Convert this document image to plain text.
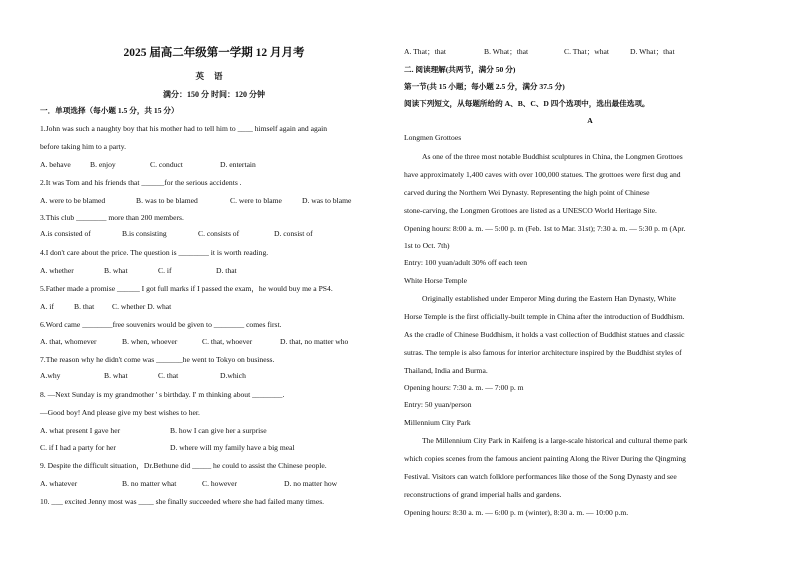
2025 届高二年级第一学期 12 月月考
英语
满分：150 分 时间：120 分钟
一．单项选择（每小题 1.5 分，共 15 分）
1.John was such a naughty boy that his mother had to tell him to ____ himself again and again
before taking him to a party.
A. behave	B. enjoy	C. conduct	D. entertain
2.It was Tom and his friends that ______for the serious accidents .
A. were to be blamed	B. was to be blamed	C. were to blame	D. was to blame
3.This club ________ more than 200 members.
A.is consisted of	B.is consisting	C. consists of	D. consist of
4.I don't care about the price. The question is ________ it is worth reading.
A. whether	B. what	C. if	D. that
5.Father made a promise ______ I got full marks if I passed the exam，he would buy me a PS4.
A. if	B. that C. whether D. what
6.Word came ________free souvenirs would be given to ________ comes first.
A. that, whomever	B. when, whoever	C. that, whoever	D. that, no matter who
7.The reason why he didn't come was _______he went to Tokyo on business.
A.why	B. what	C. that	D.which
8. —Next Sunday is my grandmother ' s birthday. I' m thinking about ________.
—Good boy! And please give my best wishes to her.
A. what present I gave her	B. how I can give her a surprise
C. if I had a party for her	D. where will my family have a big meal
9. Despite the difficult situation，Dr.Bethune did _____ he could to assist the Chinese people.
A. whatever	B. no matter what	C. however	D. no matter how
10. ___ excited Jenny most was ____ she finally succeeded where she had failed many times.
A. That；that	B. What；that	C. That；what	D. What；that
二. 阅读理解(共两节，满分 50 分)
第一节(共 15 小题；每小题 2.5 分，满分 37.5 分)
阅读下列短文，从每题所给的 A、B、C、D 四个选项中，选出最佳选项。
A
Longmen Grottoes
As one of the three most notable Buddhist sculptures in China, the Longmen Grottoes
have approximately 1,400 caves with over 100,000 statues. The grottoes were first dug and
carved during the Northern Wei Dynasty. Representing the high point of Chinese
stone-carving, the Longmen Grottoes are listed as a UNESCO World Heritage Site.
Opening hours: 8:00 a. m. — 5:00 p. m (Feb. 1st to Mar. 31st); 7:30 a. m. — 5:30 p. m (Apr.
1st to Oct. 7th)
Entry: 100 yuan/adult 30% off each teen
White Horse Temple
Originally established under Emperor Ming during the Eastern Han Dynasty, White
Horse Temple is the first officially-built temple in China after the introduction of Buddhism.
As the cradle of Chinese Buddhism, it holds a vast collection of Buddhist statues and classic
sutras. The temple is also famous for interior architecture inspired by the Buddhist styles of
Thailand, India and Burma.
Opening hours: 7:30 a. m. — 7:00 p. m
Entry: 50 yuan/person
Millennium City Park
The Millennium City Park in Kaifeng is a large-scale historical and cultural theme park
which copies scenes from the famous ancient painting Along the River During the Qingming
Festival. Visitors can watch folklore performances like those of the Song Dynasty and see
reconstructions of grand imperial halls and gardens.
Opening hours: 8:30 a. m. — 6:00 p. m (winter), 8:30 a. m. — 10:00 p.m.
